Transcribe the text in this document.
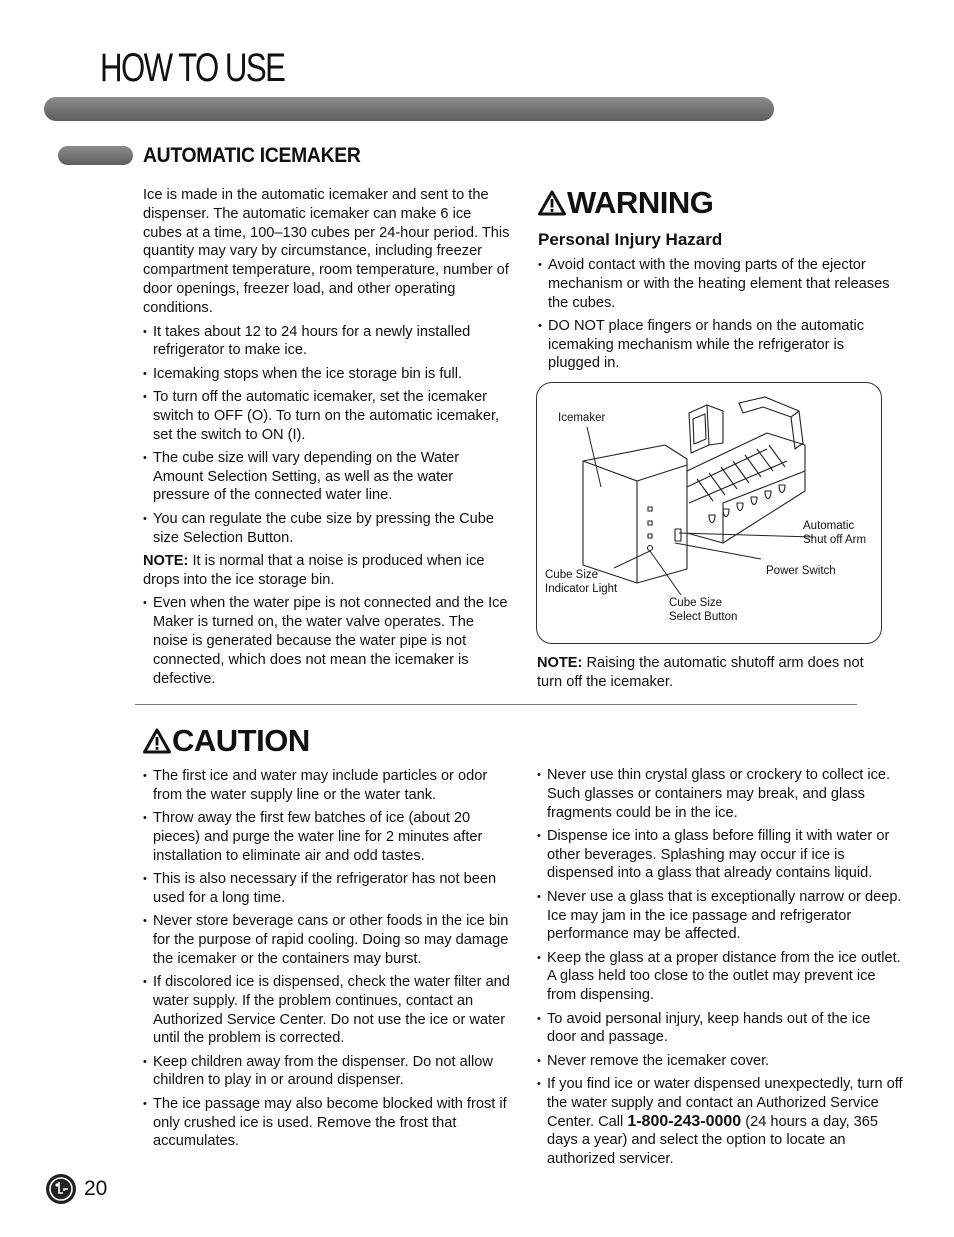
HOW TO USE
AUTOMATIC ICEMAKER

Ice is made in the automatic icemaker and sent to the dispenser. The automatic icemaker can make 6 ice cubes at a time, 100–130 cubes per 24-hour period. This quantity may vary by circumstance, including freezer compartment temperature, room temperature, number of door openings, freezer load, and other operating conditions.

• It takes about 12 to 24 hours for a newly installed refrigerator to make ice.
• Icemaking stops when the ice storage bin is full.
• To turn off the automatic icemaker, set the icemaker switch to OFF (O). To turn on the automatic icemaker, set the switch to ON (I).
• The cube size will vary depending on the Water Amount Selection Setting, as well as the water pressure of the connected water line.
• You can regulate the cube size by pressing the Cube size Selection Button.

NOTE: It is normal that a noise is produced when ice drops into the ice storage bin.

• Even when the water pipe is not connected and the Ice Maker is turned on, the water valve operates. The noise is generated because the water pipe is not connected, which does not mean the icemaker is defective.
WARNING
Personal Injury Hazard
• Avoid contact with the moving parts of the ejector mechanism or with the heating element that releases the cubes.
• DO NOT place fingers or hands on the automatic icemaking mechanism while the refrigerator is plugged in.
Icemaker
Automatic
Shut off Arm
Power Switch
Cube Size
Indicator Light
Cube Size
Select Button

NOTE: Raising the automatic shutoff arm does not turn off the icemaker.

CAUTION
• The first ice and water may include particles or odor from the water supply line or the water tank.
• Throw away the first few batches of ice (about 20 pieces) and purge the water line for 2 minutes after installation to eliminate air and odd tastes.
• This is also necessary if the refrigerator has not been used for a long time.
• Never store beverage cans or other foods in the ice bin for the purpose of rapid cooling. Doing so may damage the icemaker or the containers may burst.
• If discolored ice is dispensed, check the water filter and water supply. If the problem continues, contact an Authorized Service Center. Do not use the ice or water until the problem is corrected.
• Keep children away from the dispenser. Do not allow children to play in or around dispenser.
• The ice passage may also become blocked with frost if only crushed ice is used. Remove the frost that accumulates.
• Never use thin crystal glass or crockery to collect ice. Such glasses or containers may break, and glass fragments could be in the ice.
• Dispense ice into a glass before filling it with water or other beverages. Splashing may occur if ice is dispensed into a glass that already contains liquid.
• Never use a glass that is exceptionally narrow or deep. Ice may jam in the ice passage and refrigerator performance may be affected.
• Keep the glass at a proper distance from the ice outlet. A glass held too close to the outlet may prevent ice from dispensing.
• To avoid personal injury, keep hands out of the ice door and passage.
• Never remove the icemaker cover.
• If you find ice or water dispensed unexpectedly, turn off the water supply and contact an Authorized Service Center. Call 1-800-243-0000 (24 hours a day, 365 days a year) and select the option to locate an authorized servicer.
20
